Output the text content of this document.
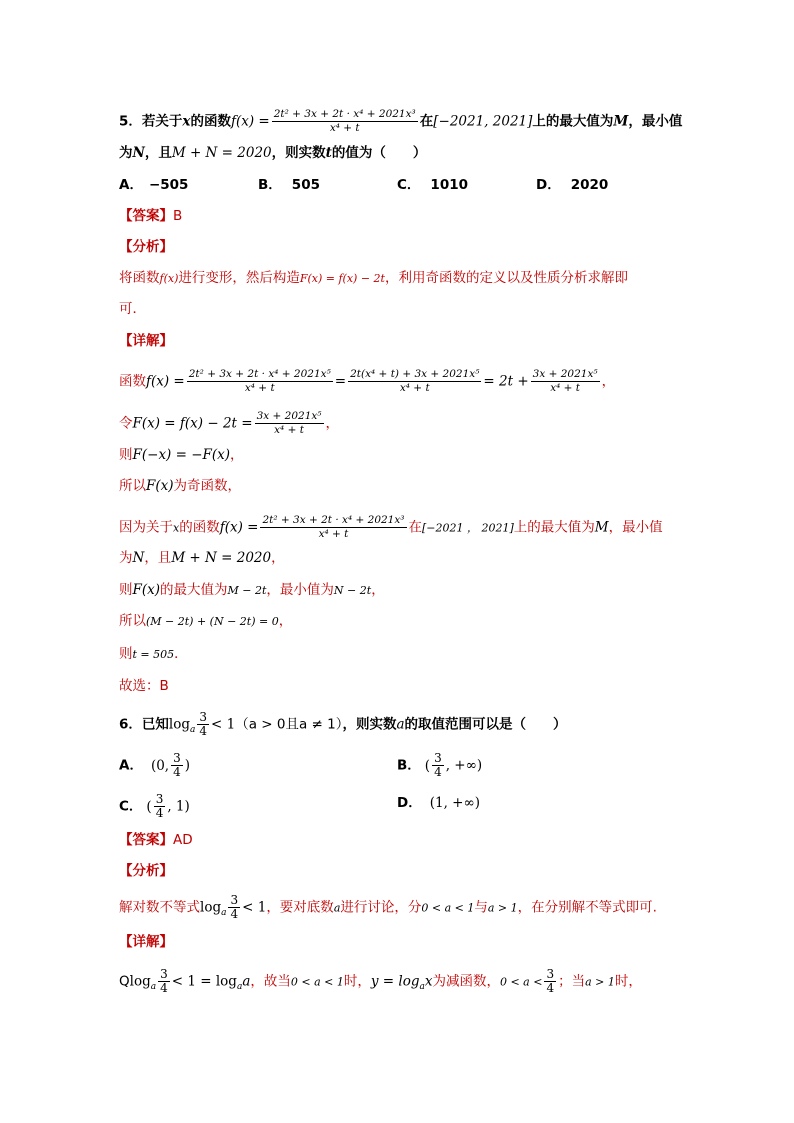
5．若关于x的函数$f(x) = \frac{\text{2t² + 3x + 2t · x⁴ + 2021x³}}{\text{x⁴ + t}}$ 在[−2021, 2021]上的最大值为M，最小值
为N，且M + N = 2020，则实数t的值为（　　）
A． −505	B． 505	C． 1010	D． 2020
【答案】B
【分析】
将函数f(x)进行变形，然后构造F(x) = f(x) − 2t，利用奇函数的定义以及性质分析求解即
可．
【详解】
函数$f(x) = \frac{\text{2t² + 3x + 2t · x⁴ + 2021x⁵}}{\text{x⁴ + t}} = \frac{\text{2t(x⁴ + t) + 3x + 2021x⁵}}{\text{x⁴ + t}} = 2t + \frac{\text{3x + 2021x⁵}}{\text{x⁴ + t}}$ ，
令$F(x) = f(x) - 2t = \frac{\text{3x + 2021x⁵}}{\text{x⁴ + t}}$ ，
则F(−x) = −F(x)，
所以F(x)为奇函数，
因为关于x的函数$f(x) = \frac{\text{2t² + 3x + 2t · x⁴ + 2021x³}}{\text{x⁴ + t}}$ 在[−2021 ， 2021]上的最大值为M，最小值
为N，且M + N = 2020，
则F(x)的最大值为M − 2t，最小值为N − 2t，
所以(M − 2t) + (N − 2t) = 0，
则t = 505．
故选：B
6．已知$\log_a \frac{3}{4} < 1(a > 0$且a ≠ 1），则实数a的取值范围可以是（　　）
A． (0, $\frac{3}{4}$ )	B． ( $\frac{3}{4}$ , +∞)
C． ( $\frac{3}{4}$ , 1)	D． (1, +∞)
【答案】AD
【分析】
解对数不等式$\log_a \frac{3}{4} < 1$，要对底数a进行讨论，分0 < a < 1与a > 1，在分别解不等式即可.
【详解】
$Qlog_a \frac{3}{4} < 1 = \log_aa$，故当0 < a < 1时，$y = \log_ax$为减函数，$0 < a < \frac{3}{4}$ ；当a > 1时，
